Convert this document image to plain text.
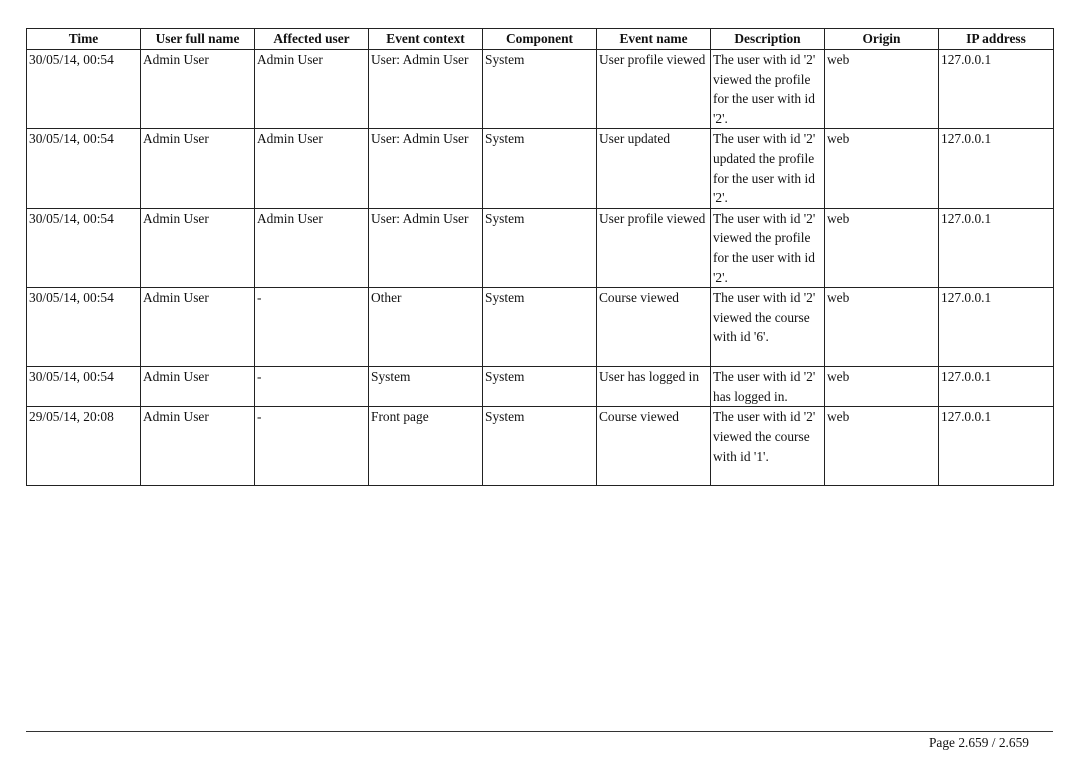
Time	User full name	Affected user	Event context	Component	Event name	Description	Origin	IP address
30/05/14, 00:54	Admin User	Admin User	User: Admin User	System	User profile viewed	The user with id '2' viewed the profile for the user with id '2'.	web	127.0.0.1
30/05/14, 00:54	Admin User	Admin User	User: Admin User	System	User updated	The user with id '2' updated the profile for the user with id '2'.	web	127.0.0.1
30/05/14, 00:54	Admin User	Admin User	User: Admin User	System	User profile viewed	The user with id '2' viewed the profile for the user with id '2'.	web	127.0.0.1
30/05/14, 00:54	Admin User	-	Other	System	Course viewed	The user with id '2' viewed the course with id '6'.	web	127.0.0.1
30/05/14, 00:54	Admin User	-	System	System	User has logged in	The user with id '2' has logged in.	web	127.0.0.1
29/05/14, 20:08	Admin User	-	Front page	System	Course viewed	The user with id '2' viewed the course with id '1'.	web	127.0.0.1
Page 2.659 / 2.659
